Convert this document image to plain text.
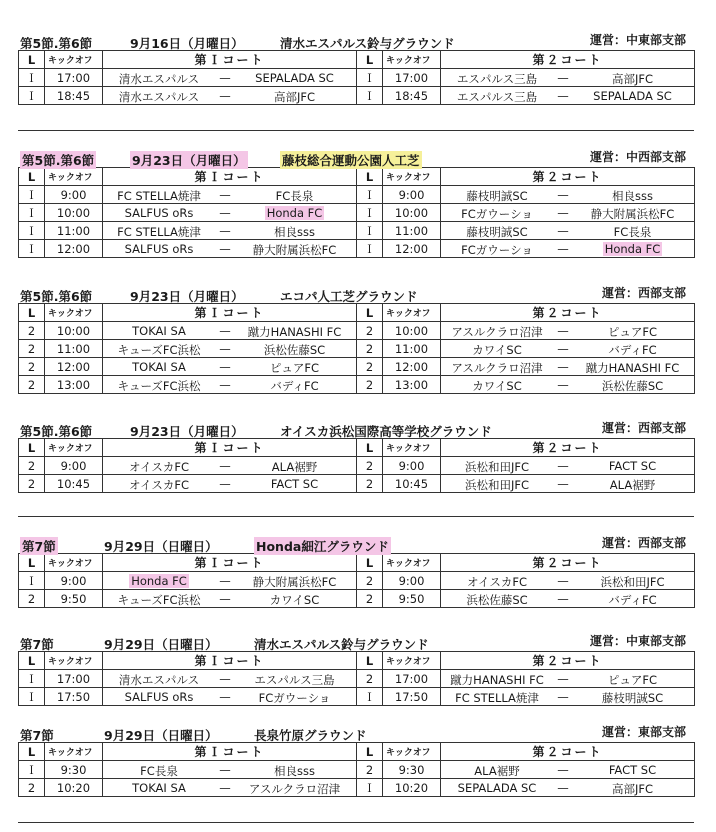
第5節.第6節	9月16日（月曜日）	清水エスパルス鈴与グラウンド	運営：中東部支部
L	キックオフ	第Ｉコート	L	キックオフ	第２コート
Ｉ	17:00	清水エスパルス — SEPALADA SC	Ｉ	17:00	エスパルス三島 — 高部JFC

Ｉ	18:45	清水エスパルス — 高部JFC	Ｉ	18:45	エスパルス三島 — SEPALADA SC
第5節.第6節	9月23日（月曜日）	藤枝総合運動公園人工芝	運営：中西部支部
L	キックオフ	第Ｉコート	L	キックオフ	第２コート
Ｉ	9:00	FC STELLA焼津 — FC長泉	Ｉ	9:00	藤枝明誠SC — 相良sss

Ｉ	10:00	SALFUS oRs — Honda FC	Ｉ	10:00	FCガウーショ — 静大附属浜松FC

Ｉ	11:00	FC STELLA焼津 — 相良sss	Ｉ	11:00	藤枝明誠SC — FC長泉

Ｉ	12:00	SALFUS oRs — 静大附属浜松FC	Ｉ	12:00	FCガウーショ — Honda FC
第5節.第6節	9月23日（月曜日）	エコパ人工芝グラウンド	運営：西部支部
L	キックオフ	第Ｉコート	L	キックオフ	第２コート
2	10:00	TOKAI SA — 蹴力HANASHI FC	2	10:00	アスルクラロ沼津 — ピュアFC

2	11:00	キューズFC浜松 — 浜松佐藤SC	2	11:00	カワイSC — バディFC

2	12:00	TOKAI SA — ピュアFC	2	12:00	アスルクラロ沼津 — 蹴力HANASHI FC

2	13:00	キューズFC浜松 — バディFC	2	13:00	カワイSC — 浜松佐藤SC
第5節.第6節	9月23日（月曜日）	オイスカ浜松国際高等学校グラウンド	運営：西部支部
L	キックオフ	第Ｉコート	L	キックオフ	第２コート
2	9:00	オイスカFC — ALA裾野	2	9:00	浜松和田JFC — FACT SC

2	10:45	オイスカFC — FACT SC	2	10:45	浜松和田JFC — ALA裾野
第7節	9月29日（日曜日）	Honda細江グラウンド	運営：西部支部
L	キックオフ	第Ｉコート	L	キックオフ	第２コート
Ｉ	9:00	Honda FC — 静大附属浜松FC	2	9:00	オイスカFC — 浜松和田JFC

2	9:50	キューズFC浜松 — カワイSC	2	9:50	浜松佐藤SC — バディFC
第7節	9月29日（日曜日）	清水エスパルス鈴与グラウンド	運営：中東部支部
L	キックオフ	第Ｉコート	L	キックオフ	第２コート
Ｉ	17:00	清水エスパルス — エスパルス三島	2	17:00	蹴力HANASHI FC — ピュアFC

Ｉ	17:50	SALFUS oRs — FCガウーショ	Ｉ	17:50	FC STELLA焼津 — 藤枝明誠SC
第7節	9月29日（日曜日）	長泉竹原グラウンド	運営：東部支部
L	キックオフ	第Ｉコート	L	キックオフ	第２コート
Ｉ	9:30	FC長泉 — 相良sss	2	9:30	ALA裾野 — FACT SC

2	10:20	TOKAI SA — アスルクラロ沼津	Ｉ	10:20	SEPALADA SC — 高部JFC
